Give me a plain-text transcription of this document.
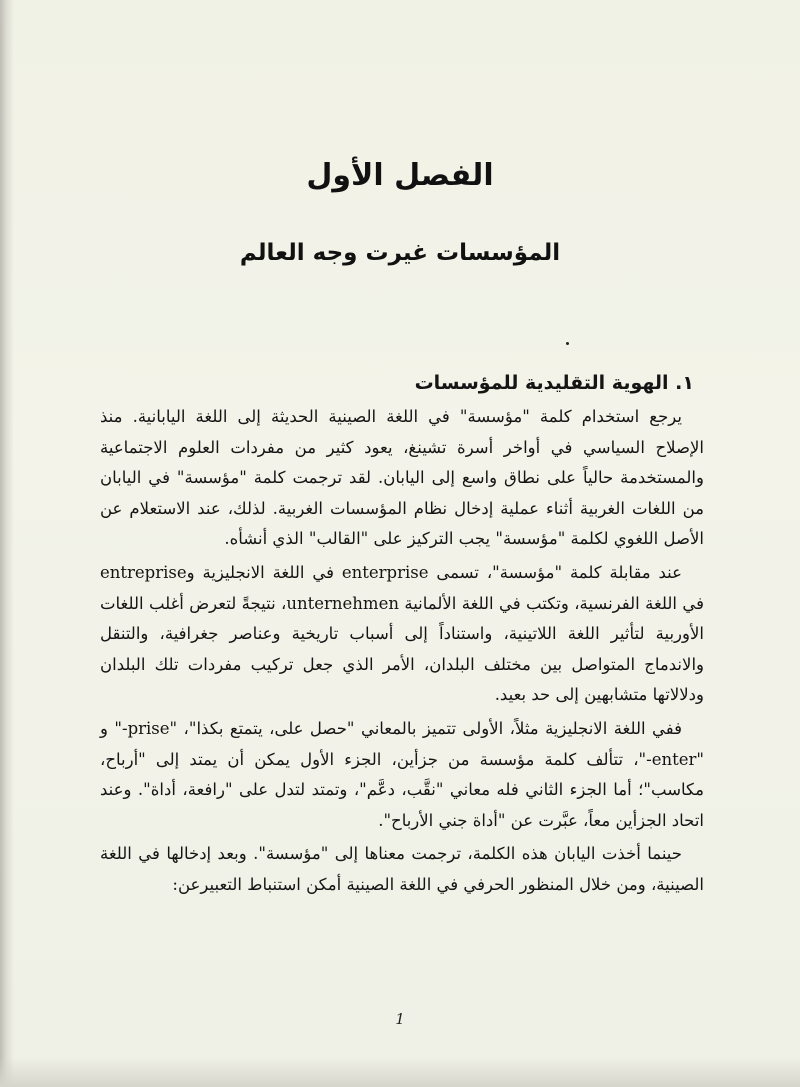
الفصل الأول
المؤسسات غيرت وجه العالم
١. الهوية التقليدية للمؤسسات

يرجع استخدام كلمة "مؤسسة" في اللغة الصينية الحديثة إلى اللغة اليابانية. منذ الإصلاح السياسي في أواخر أسرة تشينغ، يعود كثير من مفردات العلوم الاجتماعية والمستخدمة حالياً على نطاق واسع إلى اليابان. لقد ترجمت كلمة "مؤسسة" في اليابان من اللغات الغربية أثناء عملية إدخال نظام المؤسسات الغربية. لذلك، عند الاستعلام عن الأصل اللغوي لكلمة "مؤسسة" يجب التركيز على "القالب" الذي أنشأه.

عند مقابلة كلمة "مؤسسة"، تسمى enterprise في اللغة الانجليزية وentreprise في اللغة الفرنسية، وتكتب في اللغة الألمانية unternehmen، نتيجةً لتعرض أغلب اللغات الأوربية لتأثير اللغة اللاتينية، واستناداً إلى أسباب تاريخية وعناصر جغرافية، والتنقل والاندماج المتواصل بين مختلف البلدان، الأمر الذي جعل تركيب مفردات تلك البلدان ودلالاتها متشابهين إلى حد بعيد.

ففي اللغة الانجليزية مثلاً، الأولى تتميز بالمعاني "حصل على، يتمتع بكذا"، "prise-" و "enter-"، تتألف كلمة مؤسسة من جزأين، الجزء الأول يمكن أن يمتد إلى "أرباح، مكاسب"؛ أما الجزء الثاني فله معاني "نقَّب، دعَّم"، وتمتد لتدل على "رافعة، أداة". وعند اتحاد الجزأين معاً، عبَّرت عن "أداة جني الأرباح".

حينما أخذت اليابان هذه الكلمة، ترجمت معناها إلى "مؤسسة". وبعد إدخالها في اللغة الصينية، ومن خلال المنظور الحرفي في اللغة الصينية أمكن استنباط التعبيرعن:

1
